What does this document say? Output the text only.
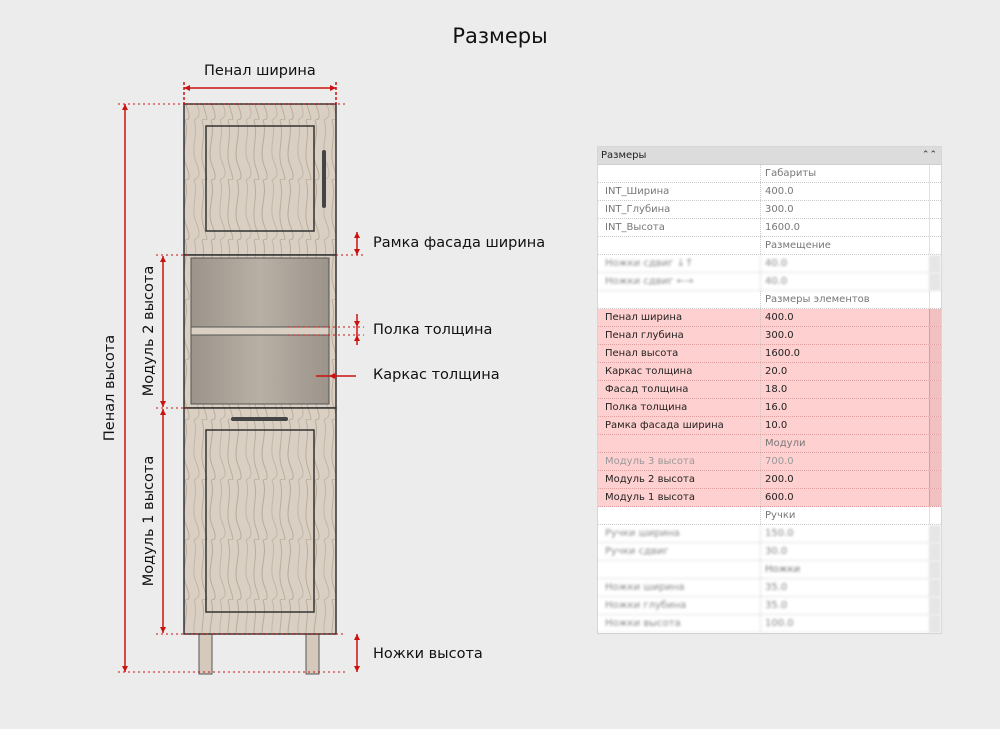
Размеры
Пенал ширина
Рамка фасада ширина
Полка толщина
Каркас толщина
Ножки высота
Пенал высота Модуль 2 высота
Модуль 1 высота
Размеры	⌃⌃
Габариты
INT_Ширина	400.0
INT_Глубина	300.0
INT_Высота	1600.0
Размещение
Ножки сдвиг ↓↑	40.0
Ножки сдвиг ←→	40.0
Размеры элементов
Пенал ширина	400.0
Пенал глубина	300.0
Пенал высота	1600.0
Каркас толщина	20.0
Фасад толщина	18.0
Полка толщина	16.0
Рамка фасада ширина	10.0
Модули
Модуль 3 высота	700.0
Модуль 2 высота	200.0
Модуль 1 высота	600.0
Ручки
Ручки ширина	150.0
Ручки сдвиг	30.0
Ножки
Ножки ширина	35.0
Ножки глубина	35.0
Ножки высота	100.0
